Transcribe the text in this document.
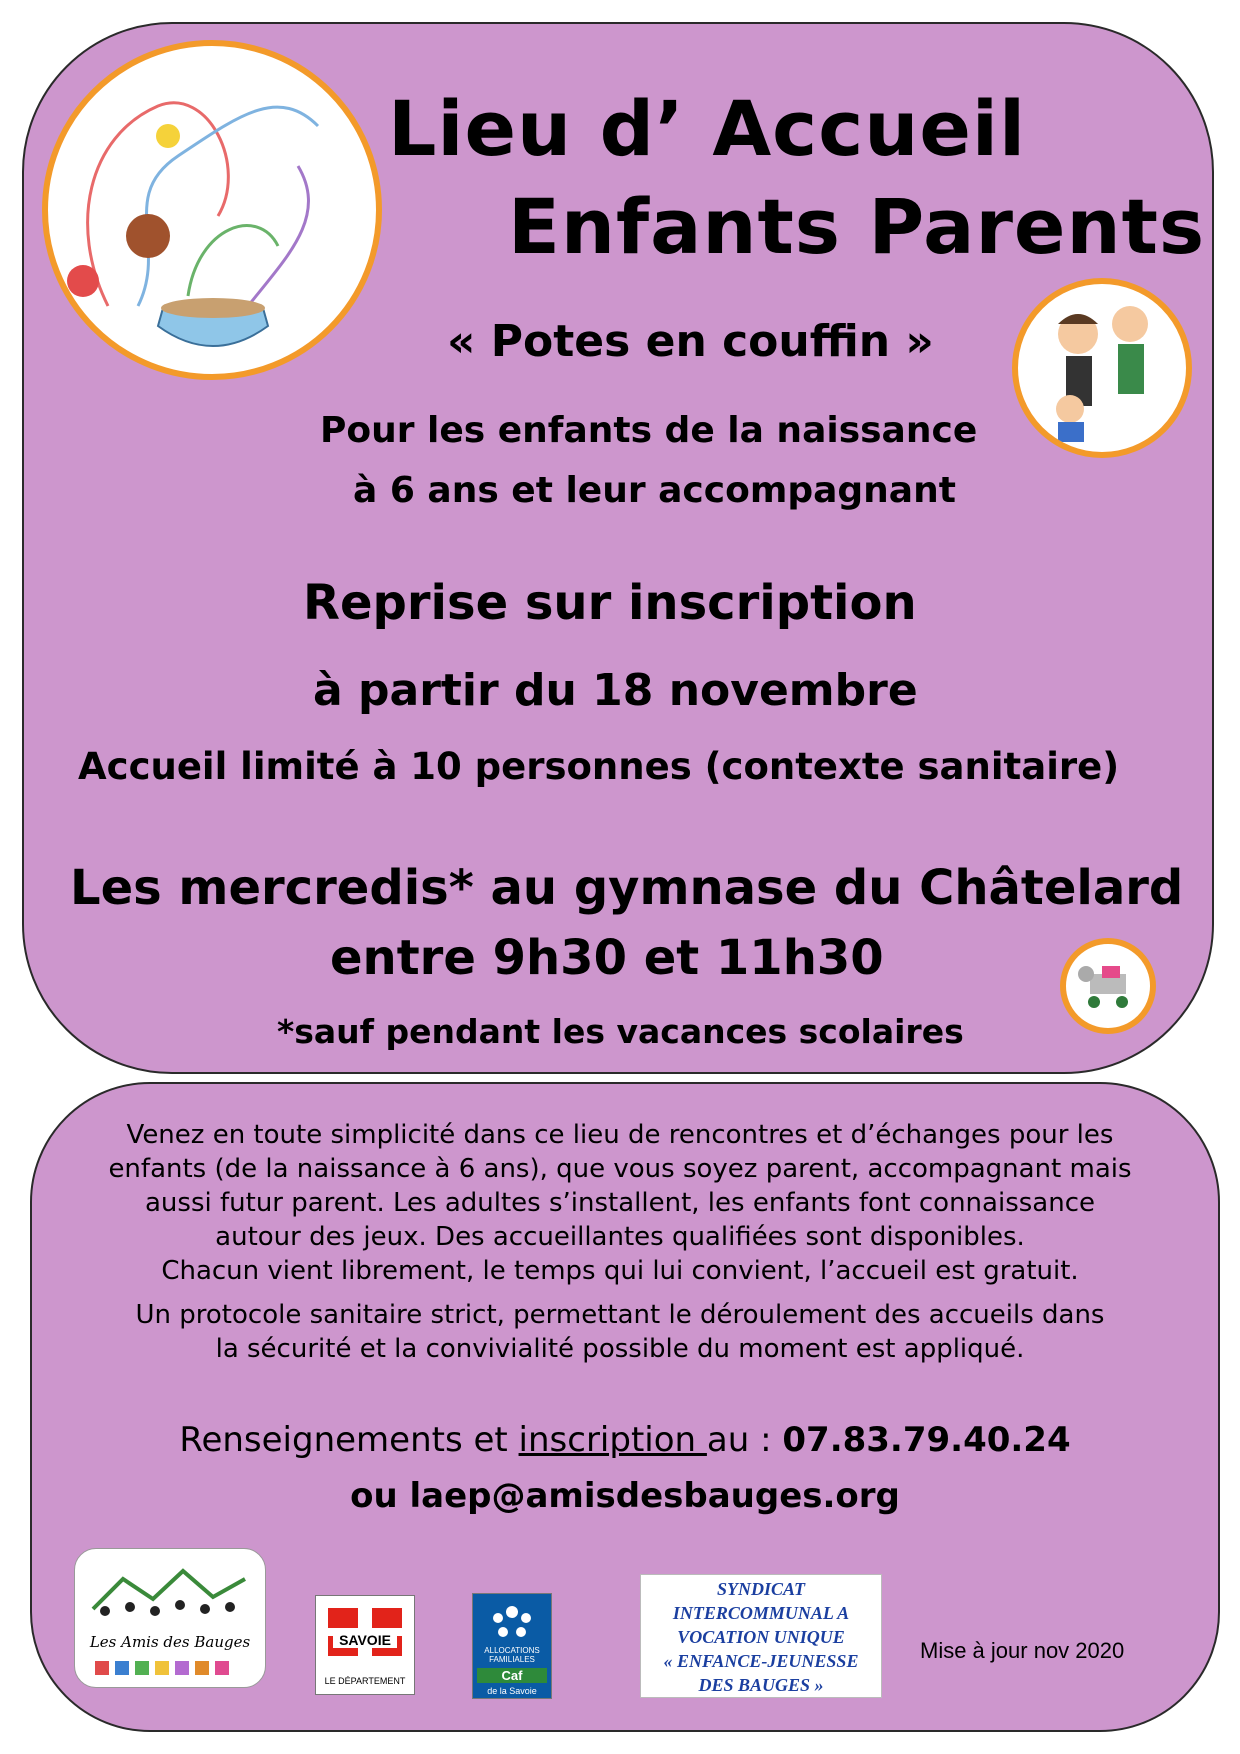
Lieu d’ Accueil
Enfants Parents
« Potes en couffin »
Pour les enfants de la naissance
à 6 ans et leur accompagnant
Reprise sur inscription
à partir du 18 novembre
Accueil limité à 10 personnes (contexte sanitaire)
Les mercredis* au gymnase du Châtelard
entre 9h30 et 11h30
*sauf pendant les vacances scolaires
Venez en toute simplicité dans ce lieu de rencontres et d’échanges pour les
enfants (de la naissance à 6 ans), que vous soyez parent, accompagnant mais
aussi futur parent. Les adultes s’installent, les enfants font connaissance
autour des jeux. Des accueillantes qualifiées sont disponibles.
Chacun vient librement, le temps qui lui convient, l’accueil est gratuit.
Un protocole sanitaire strict, permettant le déroulement des accueils dans
la sécurité et la convivialité possible du moment est appliqué.
Renseignements et inscription au : 07.83.79.40.24
ou laep@amisdesbauges.org
Les Amis des Bauges	SAVOIE
LE DÉPARTEMENT
ALLOCATIONS FAMILIALES
Caf
de la Savoie
SYNDICAT
INTERCOMMUNAL A
VOCATION UNIQUE
« ENFANCE-JEUNESSE
DES BAUGES »
Mise à jour nov 2020
